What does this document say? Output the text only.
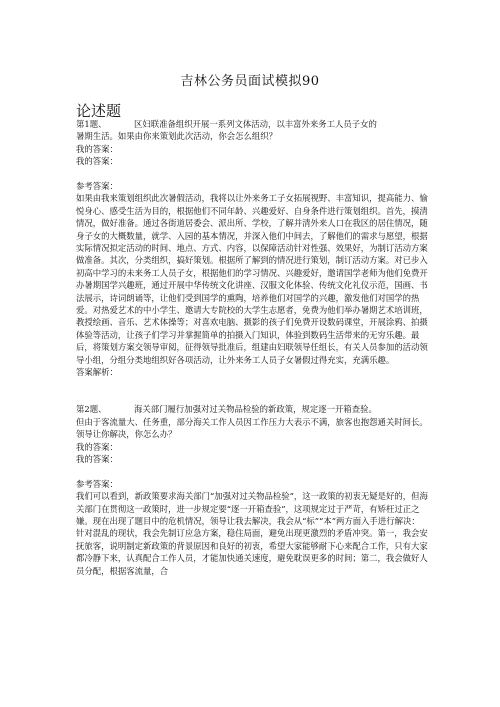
吉林公务员面试模拟90
论述题
第1题、	区妇联准备组织开展一系列文体活动，以丰富外来务工人员子女的

暑期生活。如果由你来策划此次活动，你会怎么组织？

我的答案：

我的答案：

参考答案：

如果由我来策划组织此次暑假活动，我将以让外来务工子女拓展视野、丰富知识，提高能力、愉悦身心、感受生活为目的，根据他们不同年龄、兴趣爱好、自身条件进行策划组织。首先，摸清情况，做好准备。通过各街道居委会、派出所、学校，了解并清外来人口在我区的居住情况，随身子女的大概数量，就学、入园的基本情况，并深入他们中间去，了解他们的需求与愿望，根据实际情况拟定活动的时间、地点、方式、内容，以保障活动针对性强、效果好，为制订活动方案做准备。其次，分类组织，搞好策划。根据所了解到的情况进行策划，制订活动方案。对已步入初高中学习的未来务工人员子女，根据他们的学习情况、兴趣爱好，邀请国学老师为他们免费开办暑期国学兴趣班，通过开展中华传统文化讲座、汉服文化体验、传统文化礼仪示范，国画、书法展示，诗词朗诵等，让他们受到国学的熏陶，培养他们对国学的兴趣，激发他们对国学的热爱。对热爱艺术的中小学生、邀请大专院校的大学生志愿者，免费为他们举办暑期艺术培训班，教授绘画、音乐、艺术体操等；对喜欢电脑、摄影的孩子们免费开设数码课堂，开展涂鸦、拍摄体验等活动，让孩子们学习并掌握简单的拍摄入门知识，体验到数码生活带来的无穷乐趣。最后，将策划方案交领导审阅，征得领导批准后，组建由妇联领导任组长，有关人员参加的活动领导小组，分组分类地组织好各项活动，让外来务工人员子女暑假过得充实，充满乐趣。

答案解析：

第2题、	海关部门履行加强对过关物品检验的新政策，规定逐一开箱查验。

但由于客流量大、任务重，部分海关工作人员因工作压力大表示不满，旅客也抱怨通关时间长。领导让你解决，你怎么办？

我的答案：

我的答案：

参考答案：

我们可以看到，新政策要求海关部门“加强对过关物品检验”，这一政策的初衷无疑是好的，但海关部门在贯彻这一政策时，进一步规定要“逐一开箱查验”，这项规定过于严苛，有矫枉过正之嫌。现在出现了题目中的危机情况，领导让我去解决，我会从“标”“本”两方面入手进行解决：针对混乱的现状，我会先制订应急方案，稳住局面，避免出现更激烈的矛盾冲突。第一，我会安抚旅客，说明制定新政策的背景原因和良好的初衷，希望大家能够耐下心来配合工作，只有大家都冷静下来，认真配合工作人员，才能加快通关速度，避免耽误更多的时间；第二，我会做好人员分配，根据客流量，合
